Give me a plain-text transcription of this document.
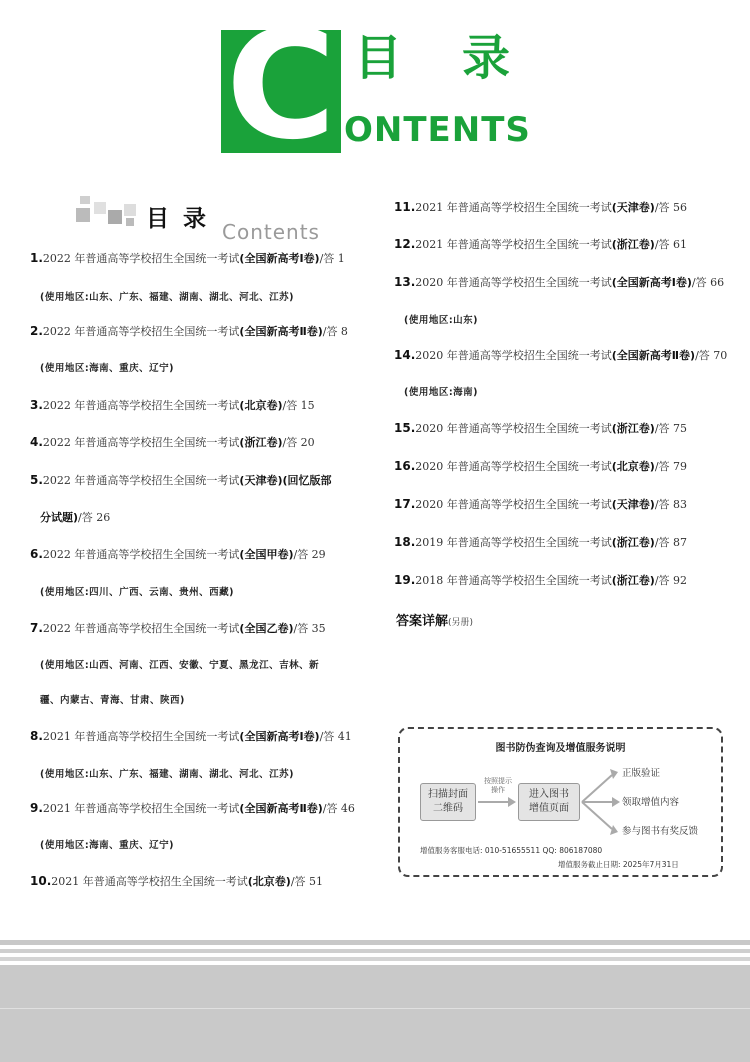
C 目录
ONTENTS
目录 Contents
1.2022 年普通高等学校招生全国统一考试(全国新高考Ⅰ卷)/答 1
(使用地区:山东、广东、福建、湖南、湖北、河北、江苏)
2.2022 年普通高等学校招生全国统一考试(全国新高考Ⅱ卷)/答 8
(使用地区:海南、重庆、辽宁)
3.2022 年普通高等学校招生全国统一考试(北京卷)/答 15
4.2022 年普通高等学校招生全国统一考试(浙江卷)/答 20
5.2022 年普通高等学校招生全国统一考试(天津卷)(回忆版部
分试题)/答 26
6.2022 年普通高等学校招生全国统一考试(全国甲卷)/答 29
(使用地区:四川、广西、云南、贵州、西藏)
7.2022 年普通高等学校招生全国统一考试(全国乙卷)/答 35
(使用地区:山西、河南、江西、安徽、宁夏、黑龙江、吉林、新
疆、内蒙古、青海、甘肃、陕西)
8.2021 年普通高等学校招生全国统一考试(全国新高考Ⅰ卷)/答 41
(使用地区:山东、广东、福建、湖南、湖北、河北、江苏)
9.2021 年普通高等学校招生全国统一考试(全国新高考Ⅱ卷)/答 46
(使用地区:海南、重庆、辽宁)
10.2021 年普通高等学校招生全国统一考试(北京卷)/答 51
11.2021 年普通高等学校招生全国统一考试(天津卷)/答 56
12.2021 年普通高等学校招生全国统一考试(浙江卷)/答 61
13.2020 年普通高等学校招生全国统一考试(全国新高考Ⅰ卷)/答 66
(使用地区:山东)
14.2020 年普通高等学校招生全国统一考试(全国新高考Ⅱ卷)/答 70
(使用地区:海南)
15.2020 年普通高等学校招生全国统一考试(浙江卷)/答 75
16.2020 年普通高等学校招生全国统一考试(北京卷)/答 79
17.2020 年普通高等学校招生全国统一考试(天津卷)/答 83
18.2019 年普通高等学校招生全国统一考试(浙江卷)/答 87
19.2018 年普通高等学校招生全国统一考试(浙江卷)/答 92
答案详解(另册)
图书防伪查询及增值服务说明
扫描封面
二维码
按照提示
操作	进入图书
增值页面
正版验证
领取增值内容
参与图书有奖反馈
增值服务客服电话: 010-51655511 QQ: 806187080
增值服务截止日期: 2025年7月31日
